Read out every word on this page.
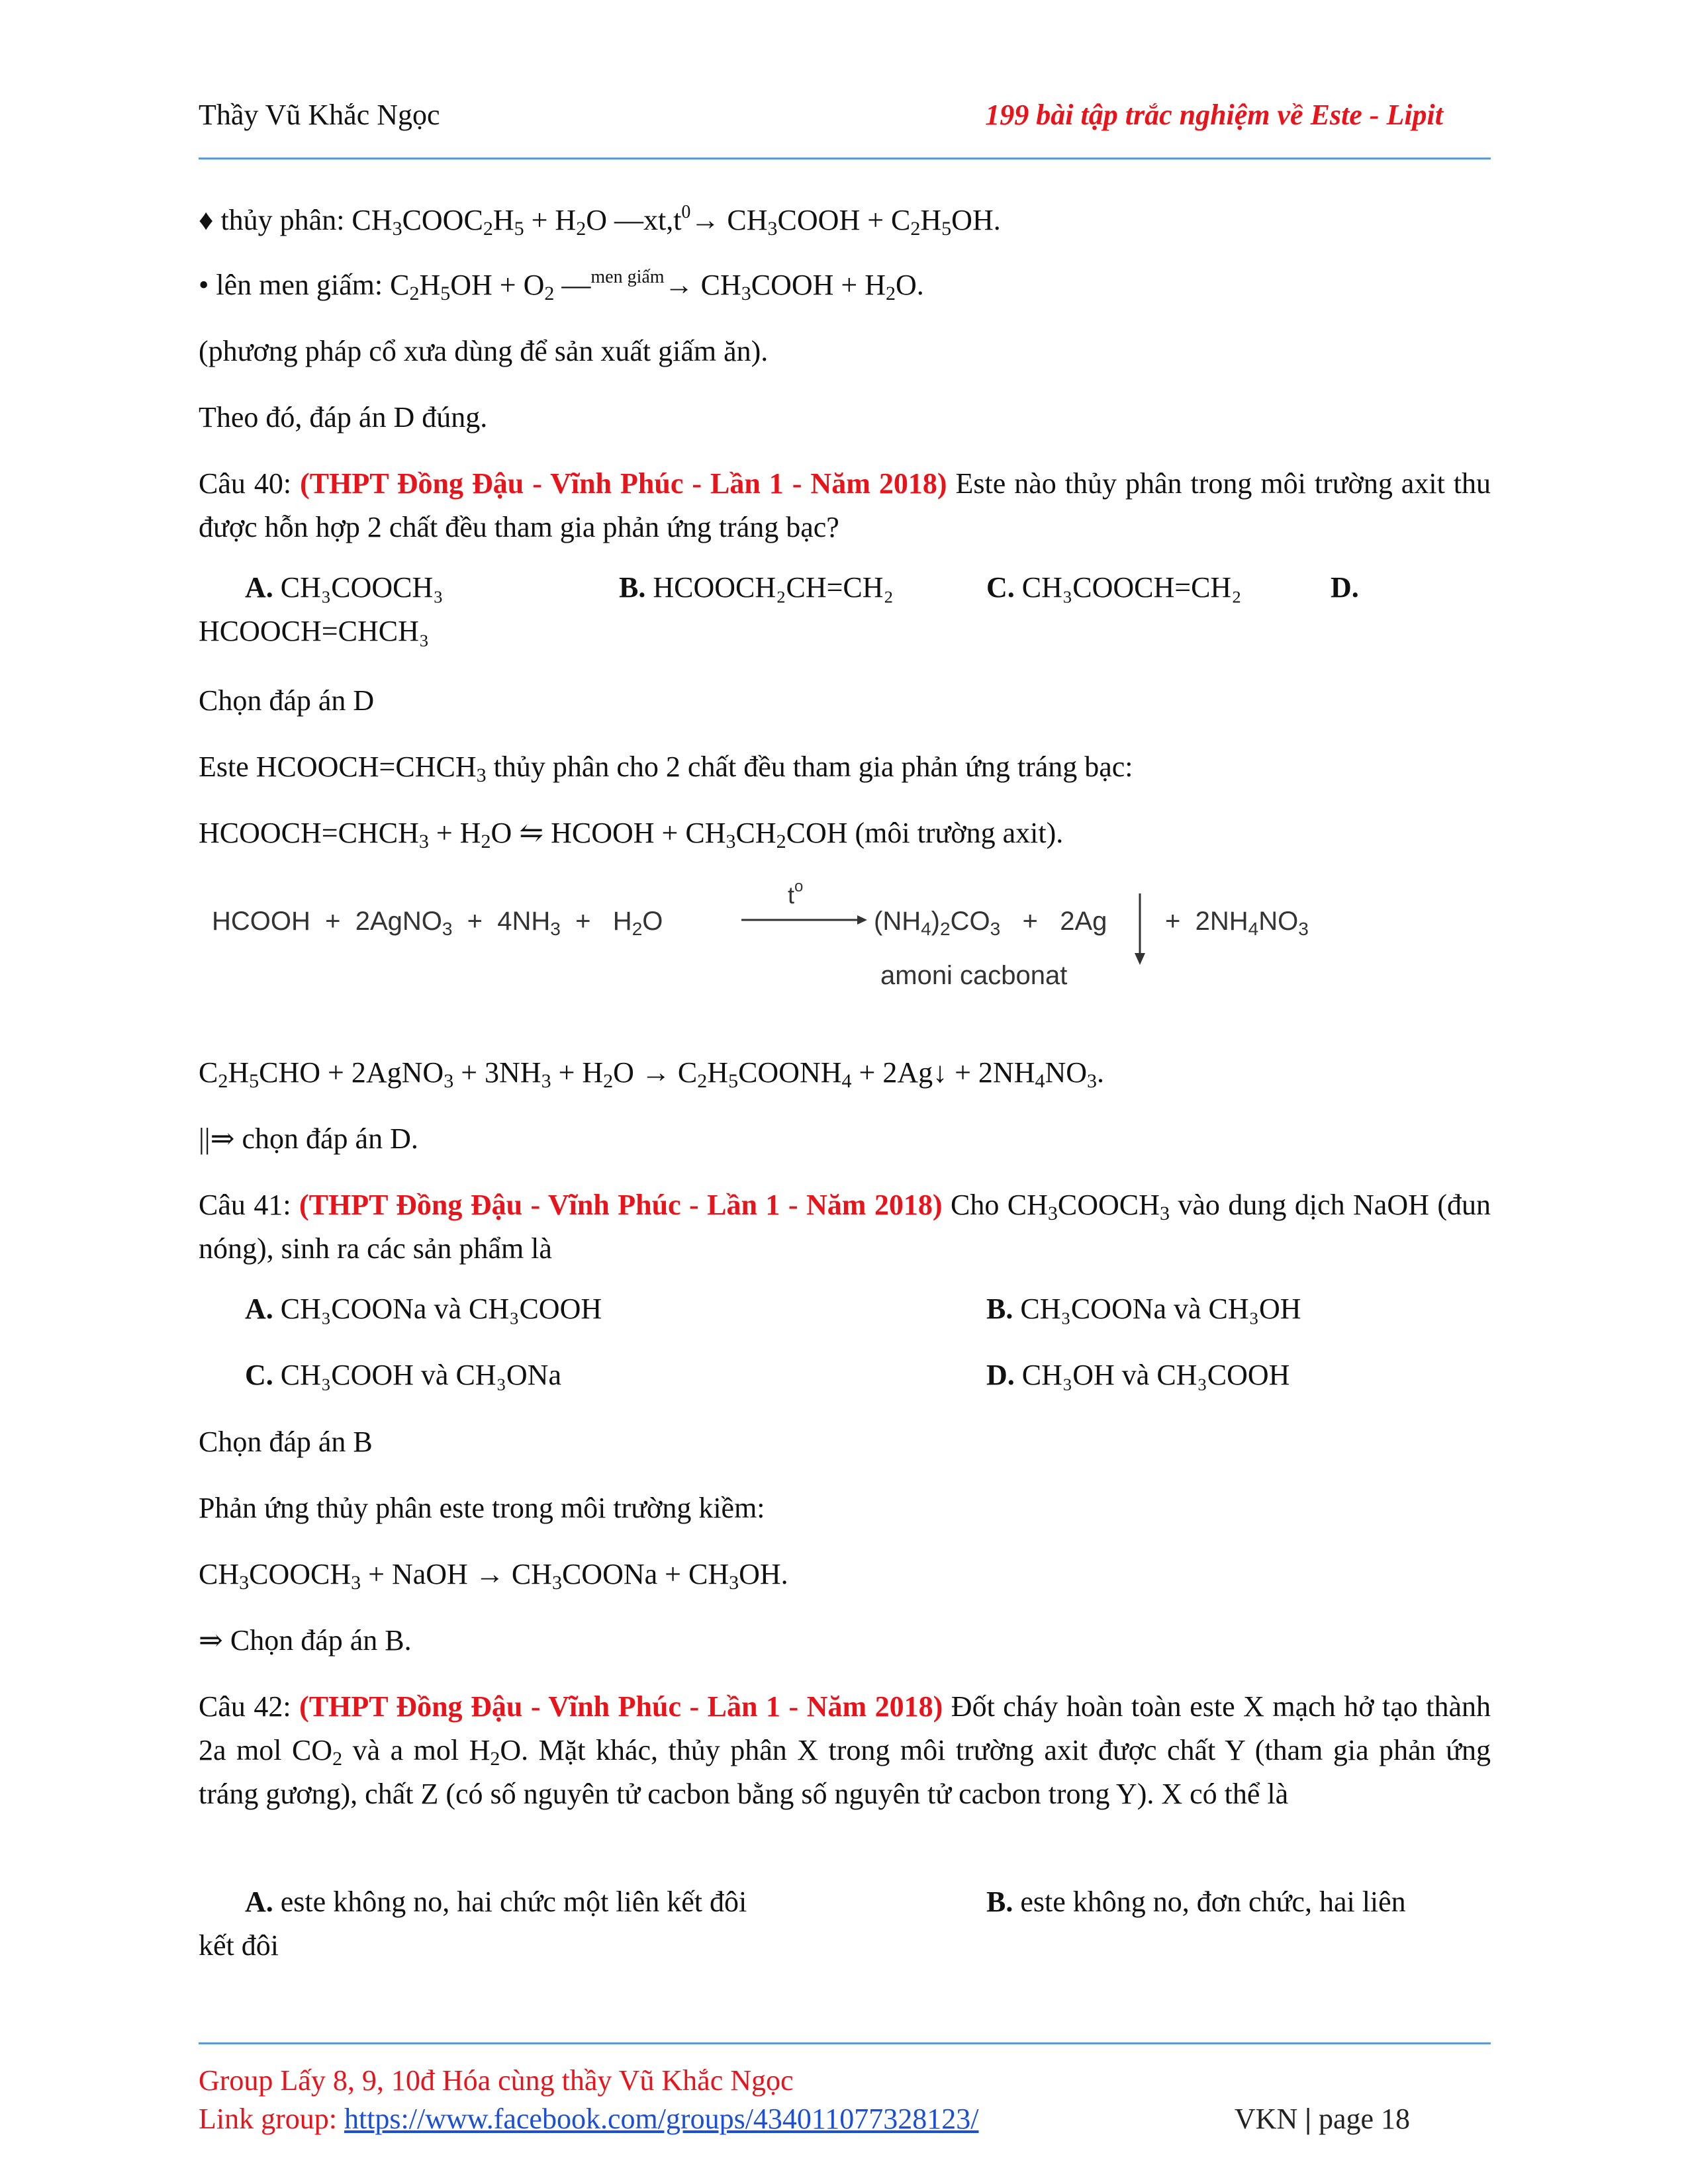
Thầy Vũ Khắc Ngọc	199 bài tập trắc nghiệm về Este - Lipit
♦ thủy phân: $CH_3COOC_2H_5 + H_2O$ $—xt,t^0\to$ $CH_3COOH + C_2H_5OH$.
• lên men giấm: $C_2H_5OH + O_2$ —$^{men giấm}$→ $CH_3COOH + H_2O$.
(phương pháp cổ xưa dùng để sản xuất giấm ăn).
Theo đó, đáp án D đúng.
Câu 40: (THPT Đồng Đậu - Vĩnh Phúc - Lần 1 - Năm 2018) Este nào thủy phân trong môi trường axit thu được hỗn hợp 2 chất đều tham gia phản ứng tráng bạc?
A. CH₃COOCH₃	B. HCOOCH₂CH=CH₂	C. CH₃COOCH=CH₂	D.
HCOOCH=CHCH₃
Chọn đáp án D
Este $HCOOCH=CHCH_3$ thủy phân cho 2 chất đều tham gia phản ứng tráng bạc:
$HCOOCH=CHCH_3 + H_2O$ ⇋ HCOOH + $CH_3CH_2COH$ (môi trường axit).
HCOOH  +  2AgNO$_3$  +  $4NH_3 + H_2O$
$t^o$
$(NH_4)_2CO_3 + 2Ag + 2NH_4NO_3$
amoni cacbonat
$C_2H_5CHO$ + 2AgNO$_3$ + $3NH_3 + H_2O$ → $C_2H_5COONH_4$ + 2Ag↓ + $2NH_4NO_3$.
||⇒ chọn đáp án D.
Câu 41: (THPT Đồng Đậu - Vĩnh Phúc - Lần 1 - Năm 2018) Cho $CH_3COOCH_3$ vào dung dịch NaOH (đun nóng), sinh ra các sản phẩm là
A. CH₃COONa và CH₃COOH	B. CH₃COONa và CH₃OH
C. CH₃COOH và CH₃ONa	D. CH₃OH và CH₃COOH
Chọn đáp án B
Phản ứng thủy phân este trong môi trường kiềm:
$CH_3COOCH_3$ + NaOH → $CH_3COONa + CH_3OH$.
⇒ Chọn đáp án B.
Câu 42: (THPT Đồng Đậu - Vĩnh Phúc - Lần 1 - Năm 2018) Đốt cháy hoàn toàn este X mạch hở tạo thành 2a mol $CO_2$ và a mol $H_2O$. Mặt khác, thủy phân X trong môi trường axit được chất Y (tham gia phản ứng tráng gương), chất Z (có số nguyên tử cacbon bằng số nguyên tử cacbon trong Y). X có thể là
A. este không no, hai chức một liên kết đôi	B. este không no, đơn chức, hai liên
kết đôi
Group Lấy 8, 9, 10đ Hóa cùng thầy Vũ Khắc Ngọc
Link group: https://www.facebook.com/groups/434011077328123/	VKN | page 18
